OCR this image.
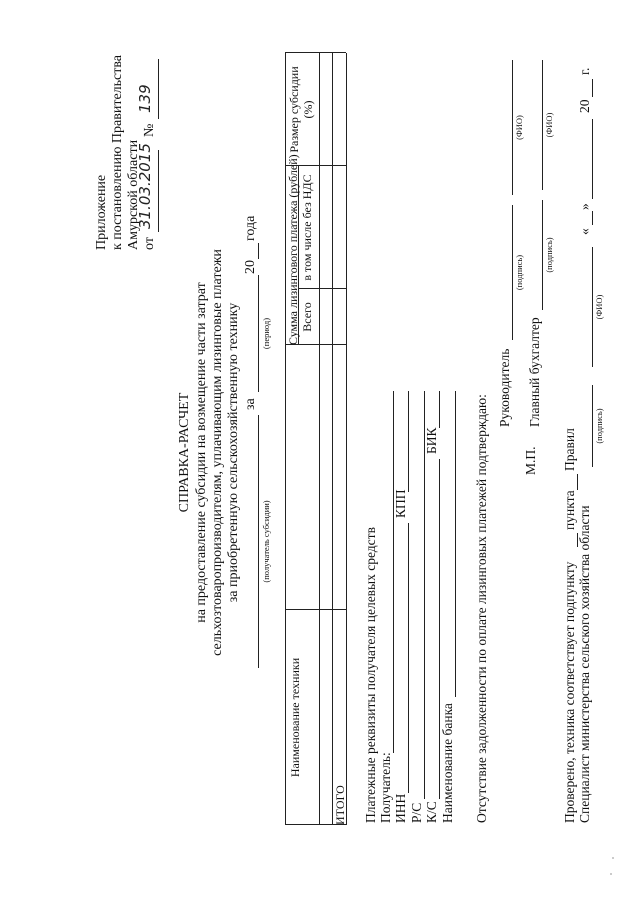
Приложение к постановлению Правительства Амурской области от
31.03.2015
№
139
СПРАВКА-РАСЧЕТ на предоставление субсидии на возмещение части затрат сельхозтоваропроизводителям, уплачивающим лизинговые платежи за приобретенную сельскохозяйственную технику за
20
года
(получатель субсидии)
(период)
Наименование техники
Сумма лизингового платежа (рублей) Всего
в том числе без НДС
Размер субсидии (%)
ИТОГО Платежные реквизиты получателя целевых средств Получатель: ИНН
КПП
Р/С К/С
БИК
Наименование банка Отсутствие задолженности по оплате лизинговых платежей подтверждаю:
Руководитель
(подпись)
(ФИО)
М.П.
Главный бухгалтер
(подпись)
(ФИО)
Проверено, техника соответствует подпункту
пункта
Правил
Специалист министерства сельского хозяйства области
(подпись)
(ФИО)
«
»
20
г.
